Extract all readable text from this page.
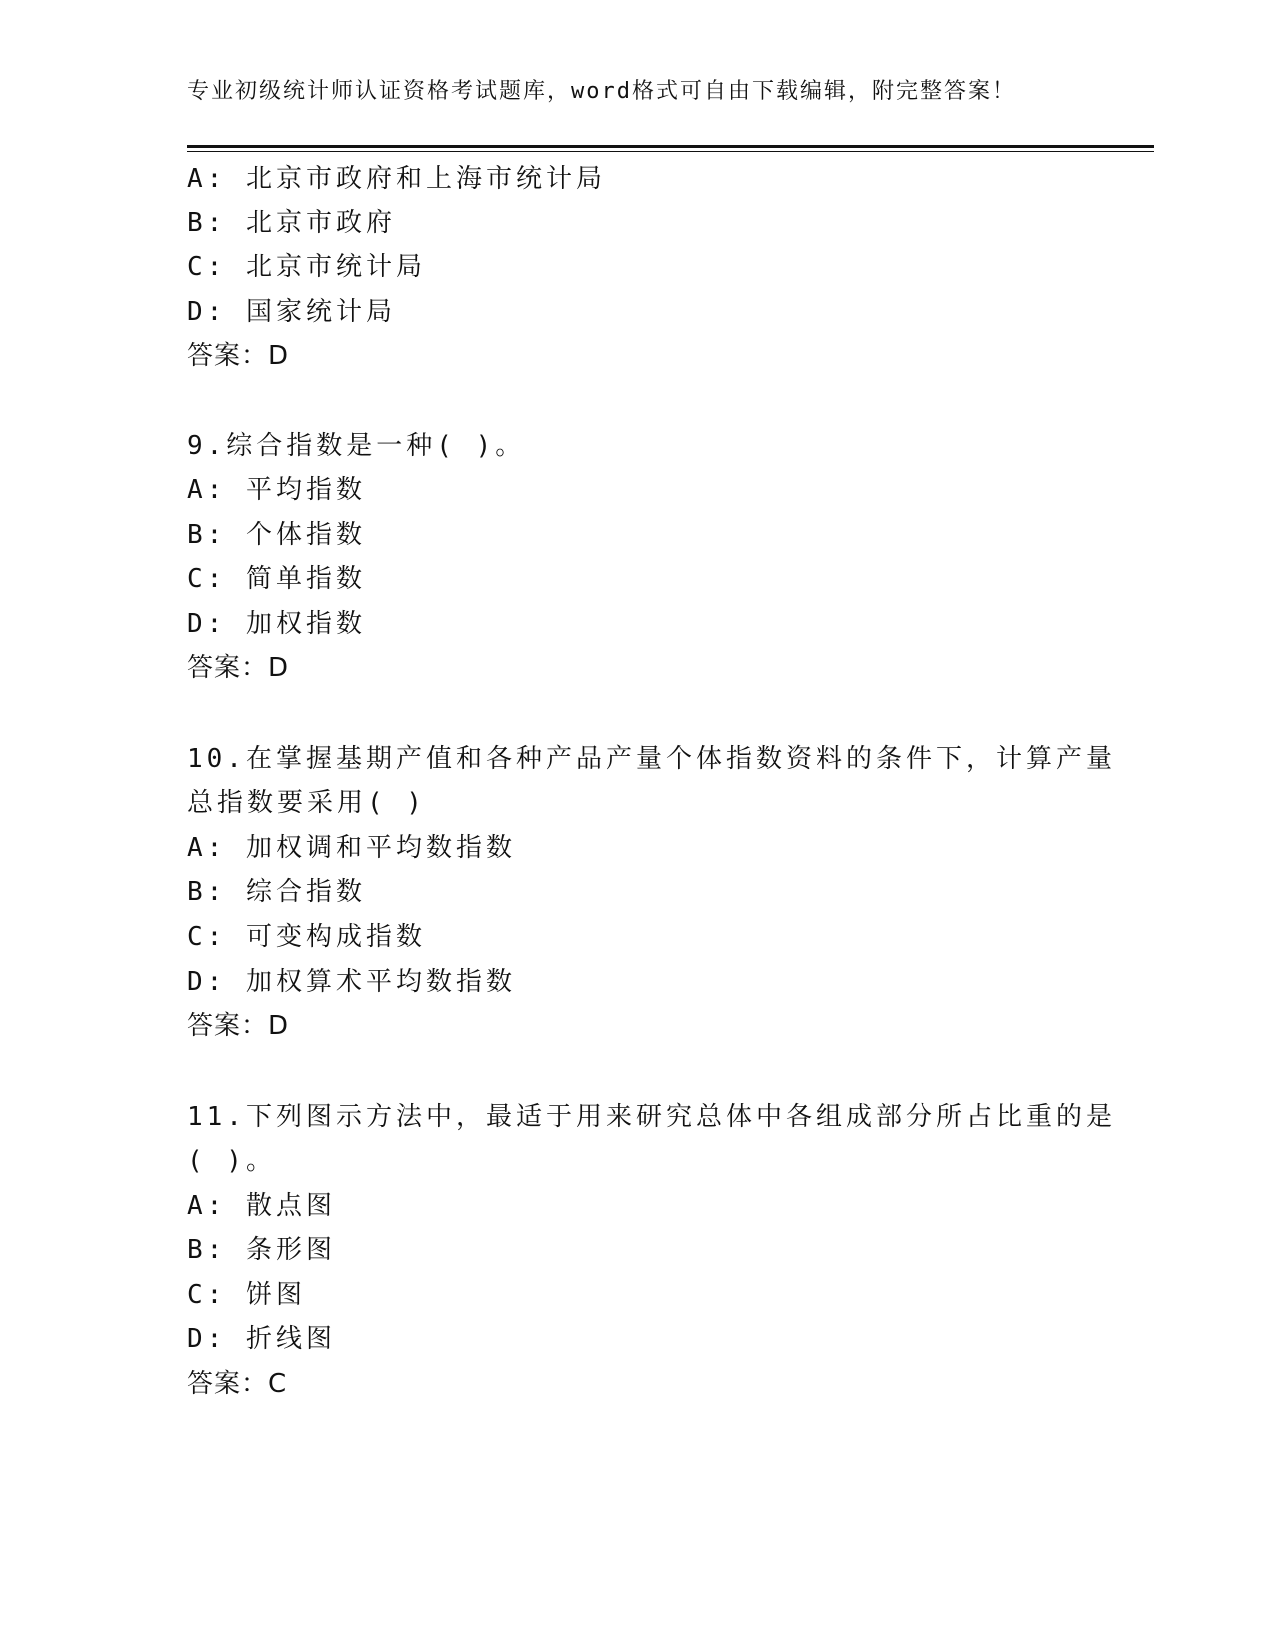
专业初级统计师认证资格考试题库，word格式可自由下载编辑，附完整答案！
A: 北京市政府和上海市统计局
B: 北京市政府
C: 北京市统计局
D: 国家统计局
答案：D
9.综合指数是一种( )。
A: 平均指数
B: 个体指数
C: 简单指数
D: 加权指数
答案：D
10.在掌握基期产值和各种产品产量个体指数资料的条件下，计算产量
总指数要采用( )
A: 加权调和平均数指数
B: 综合指数
C: 可变构成指数
D: 加权算术平均数指数
答案：D
11.下列图示方法中，最适于用来研究总体中各组成部分所占比重的是
( )。
A: 散点图
B: 条形图
C: 饼图
D: 折线图
答案：C
